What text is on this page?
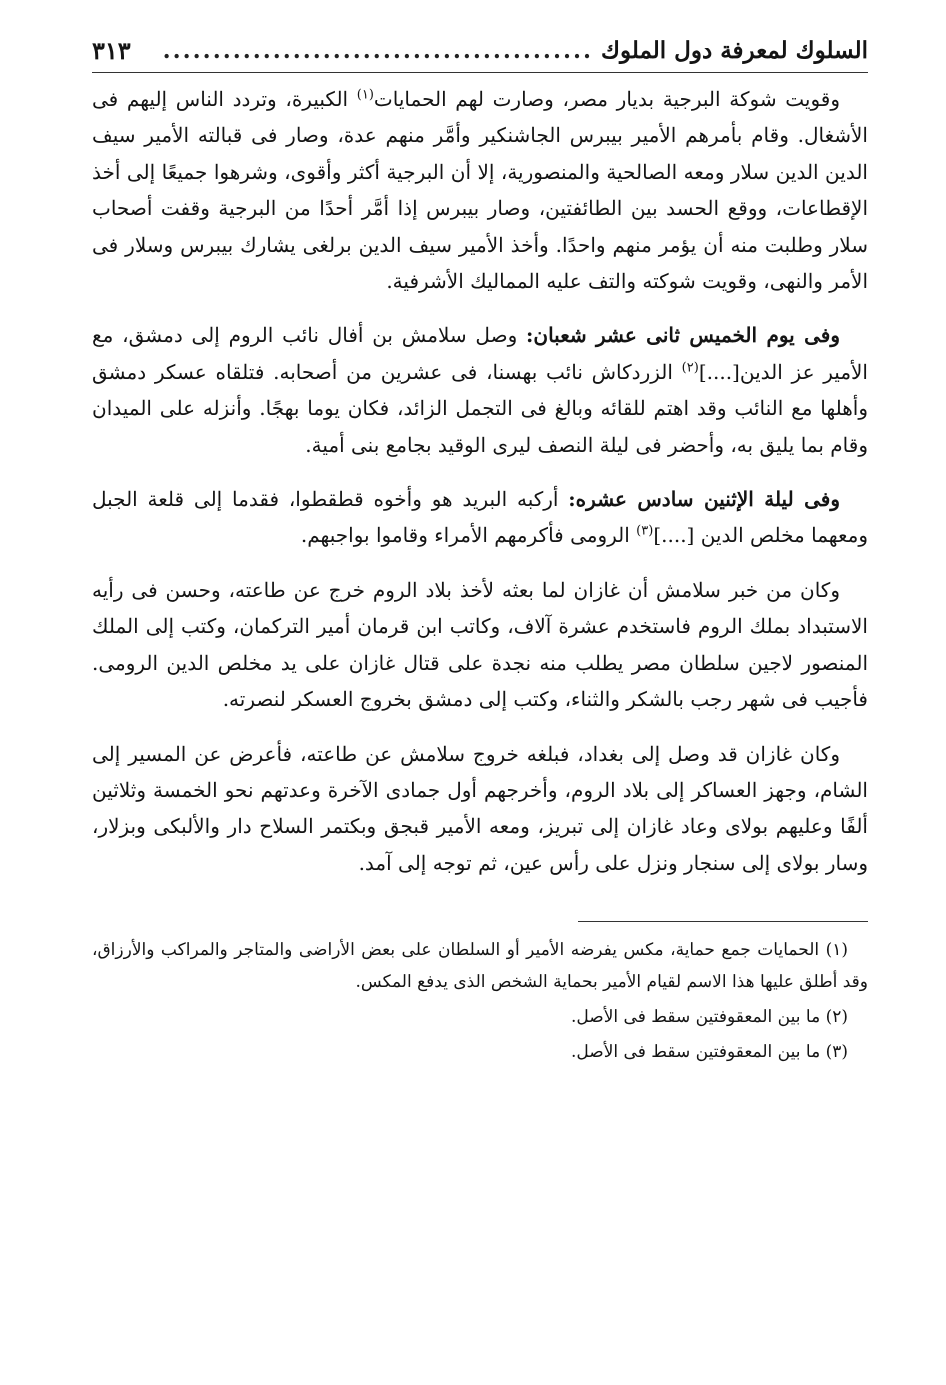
السلوك لمعرفة دول الملوك
...........................................
٣١٣

وقويت شوكة البرجية بديار مصر، وصارت لهم الحمايات$^{(١)}$ الكبيرة، وتردد الناس إليهم فى الأشغال. وقام بأمرهم الأمير بيبرس الجاشنكير وأمَّر منهم عدة، وصار فى قبالته الأمير سيف الدين الدين سلار ومعه الصالحية والمنصورية، إلا أن البرجية أكثر وأقوى، وشرهوا جميعًا إلى أخذ الإقطاعات، ووقع الحسد بين الطائفتين، وصار بيبرس إذا أمَّر أحدًا من البرجية وقفت أصحاب سلار وطلبت منه أن يؤمر منهم واحدًا. وأخذ الأمير سيف الدين برلغى يشارك بيبرس وسلار فى الأمر والنهى، وقويت شوكته والتف عليه المماليك الأشرفية.

وفى يوم الخميس ثانى عشر شعبان: وصل سلامش بن أفال نائب الروم إلى دمشق، مع الأمير عز الدين[....]$^{(٢)}$ الزردكاش نائب بهسنا، فى عشرين من أصحابه. فتلقاه عسكر دمشق وأهلها مع النائب وقد اهتم للقائه وبالغ فى التجمل الزائد، فكان يوما بهجًا. وأنزله على الميدان وقام بما يليق به، وأحضر فى ليلة النصف ليرى الوقيد بجامع بنى أمية.

وفى ليلة الإثنين سادس عشره: أركبه البريد هو وأخوه قطقطوا، فقدما إلى قلعة الجبل ومعهما مخلص الدين [....]$^{(٣)}$ الرومى فأكرمهم الأمراء وقاموا بواجبهم.

وكان من خبر سلامش أن غازان لما بعثه لأخذ بلاد الروم خرج عن طاعته، وحسن فى رأيه الاستبداد بملك الروم فاستخدم عشرة آلاف، وكاتب ابن قرمان أمير التركمان، وكتب إلى الملك المنصور لاجين سلطان مصر يطلب منه نجدة على قتال غازان على يد مخلص الدين الرومى. فأجيب فى شهر رجب بالشكر والثناء، وكتب إلى دمشق بخروج العسكر لنصرته.

وكان غازان قد وصل إلى بغداد، فبلغه خروج سلامش عن طاعته، فأعرض عن المسير إلى الشام، وجهز العساكر إلى بلاد الروم، وأخرجهم أول جمادى الآخرة وعدتهم نحو الخمسة وثلاثين ألفًا وعليهم بولاى وعاد غازان إلى تبريز، ومعه الأمير قبجق وبكتمر السلاح دار والألبكى وبزلار، وسار بولاى إلى سنجار ونزل على رأس عين، ثم توجه إلى آمد.

(١) الحمايات جمع حماية، مكس يفرضه الأمير أو السلطان على بعض الأراضى والمتاجر والمراكب والأرزاق، وقد أطلق عليها هذا الاسم لقيام الأمير بحماية الشخص الذى يدفع المكس.

(٢) ما بين المعقوفتين سقط فى الأصل.

(٣) ما بين المعقوفتين سقط فى الأصل.
